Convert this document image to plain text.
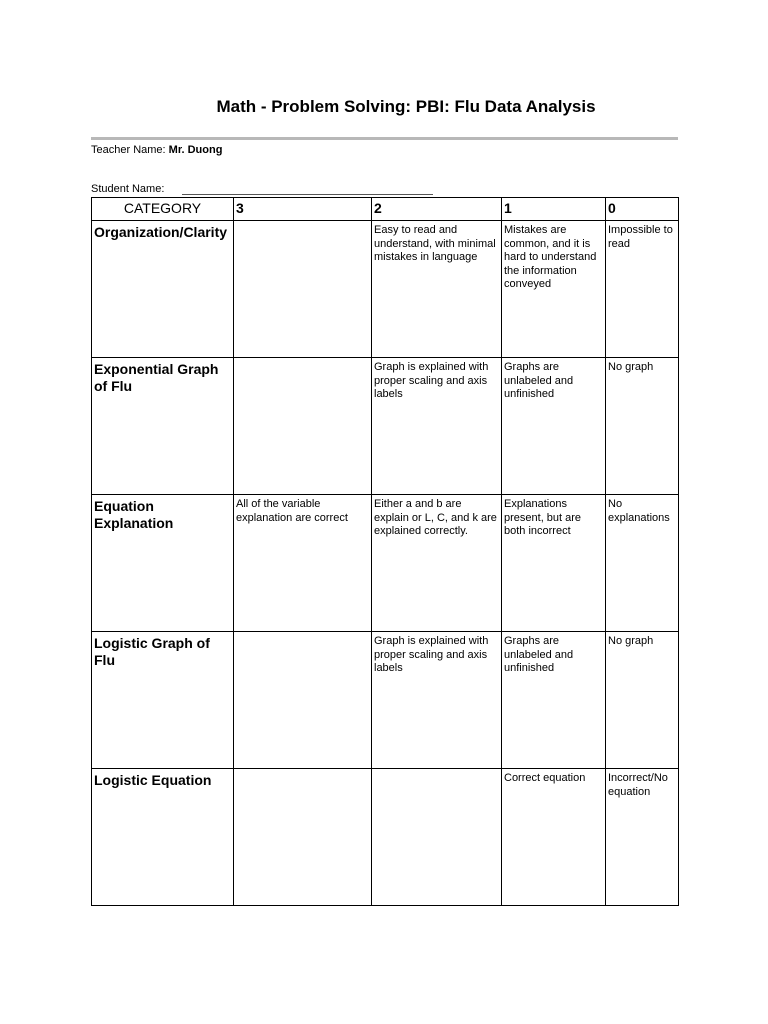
Math - Problem Solving: PBI: Flu Data Analysis
Teacher Name: Mr. Duong
Student Name:
CATEGORY	3	2	1	0
Organization/Clarity		Easy to read and understand, with minimal mistakes in language	Mistakes are common, and it is hard to understand the information conveyed	Impossible to read
Exponential Graph of Flu		Graph is explained with proper scaling and axis labels	Graphs are unlabeled and unfinished	No graph
Equation Explanation	All of the variable explanation are correct	Either a and b are explain or L, C, and k are explained correctly.	Explanations present, but are both incorrect	No explanations
Logistic Graph of Flu		Graph is explained with proper scaling and axis labels	Graphs are unlabeled and unfinished	No graph
Logistic Equation			Correct equation	Incorrect/No equation
